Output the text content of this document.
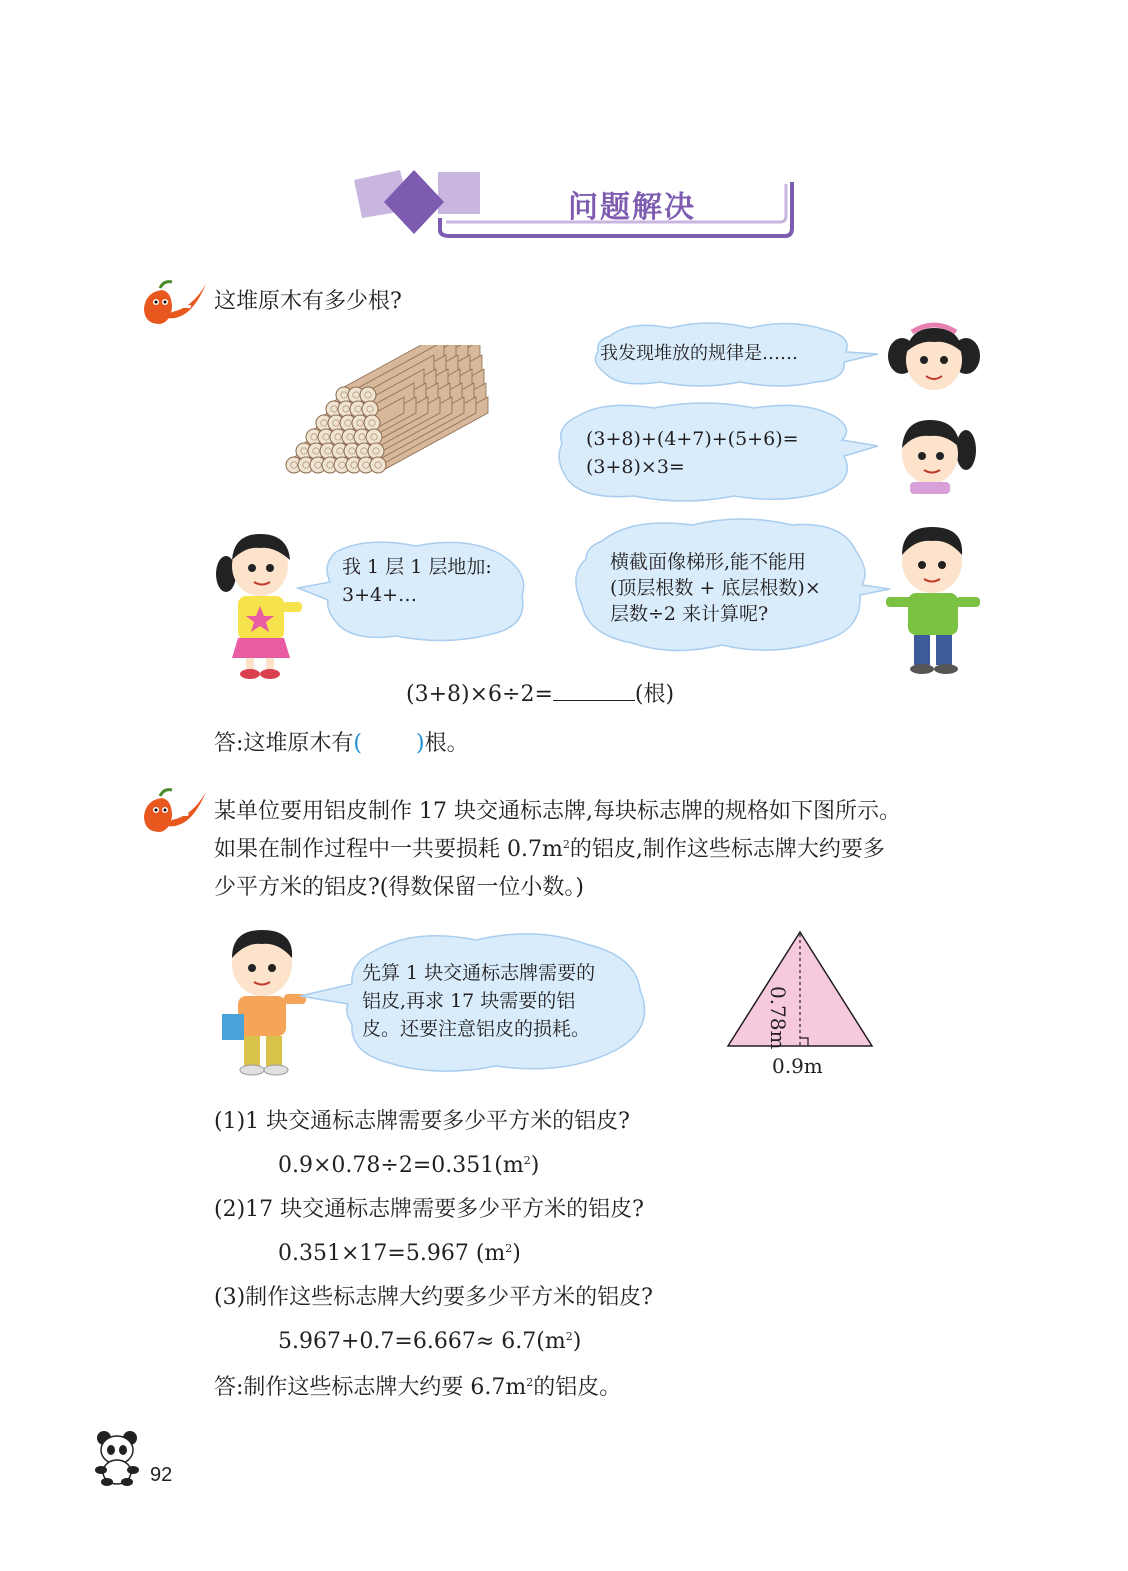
问题解决
1 这堆原木有多少根?
我发现堆放的规律是……
(3+8)+(4+7)+(5+6)=
(3+8)×3=
我 1 层 1 层地加:
3+4+…
横截面像梯形,能不能用
(顶层根数 + 底层根数)×
层数÷2 来计算呢?
(3+8)×6÷2=	(根)
答:这堆原木有( )根。
2 某单位要用铝皮制作 17 块交通标志牌,每块标志牌的规格如下图所示。
如果在制作过程中一共要损耗 $0.7m^2$的铝皮,制作这些标志牌大约要多
少平方米的铝皮?(得数保留一位小数。)
先算 1 块交通标志牌需要的
铝皮,再求 17 块需要的铝
皮。还要注意铝皮的损耗。	0.78m
0.9m
(1)1 块交通标志牌需要多少平方米的铝皮?
$0.9\times 0.78\div 2=0.351(m^2)$
(2)17 块交通标志牌需要多少平方米的铝皮?
0.351×17=5.967 $(m^2)$
(3)制作这些标志牌大约要多少平方米的铝皮?
$5.967+0.7=6.667\approx 6.7(m^2)$
答:制作这些标志牌大约要 $6.7m^2$的铝皮。
92
